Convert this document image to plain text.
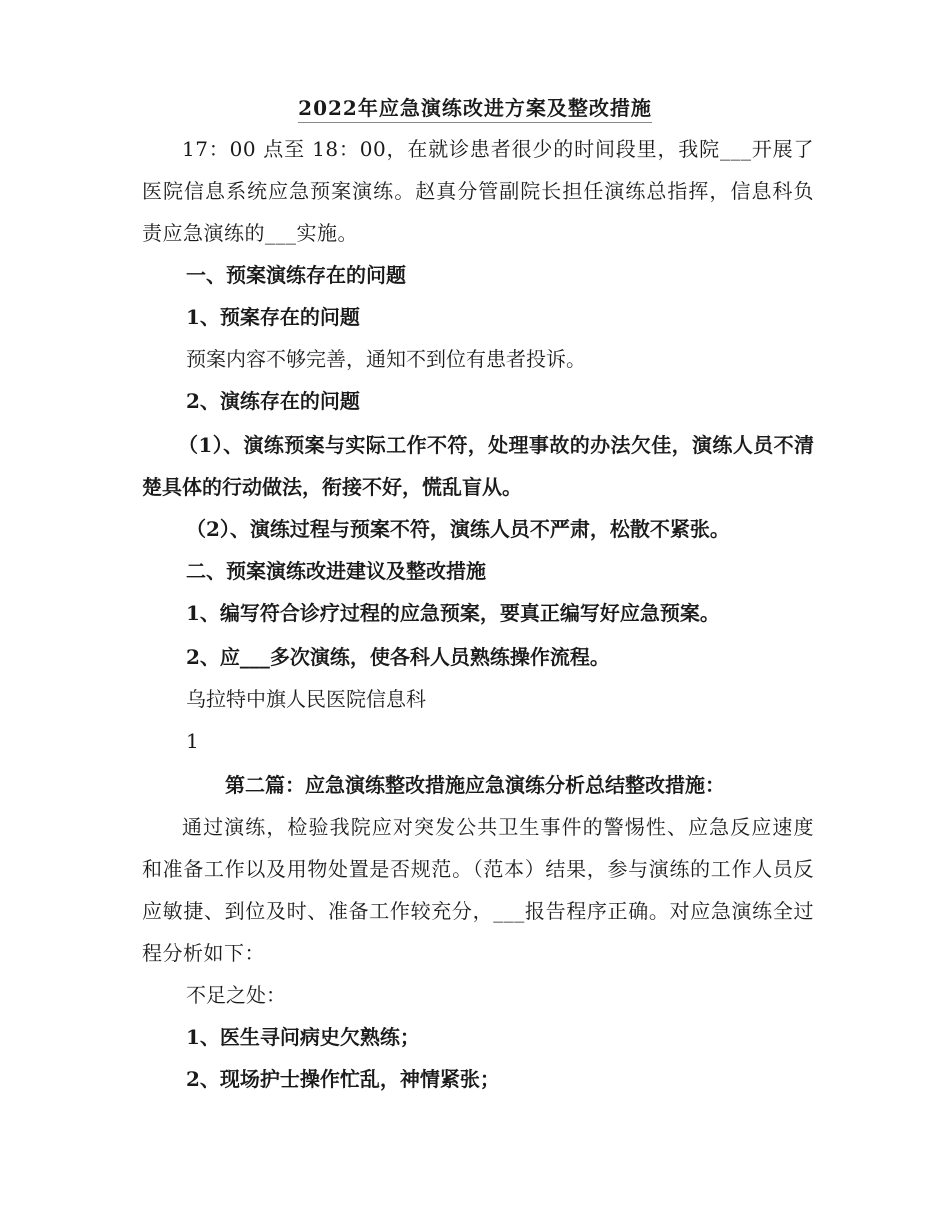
2022年应急演练改进方案及整改措施
17：00 点至 18：00，在就诊患者很少的时间段里，我院___开展了医院信息系统应急预案演练。赵真分管副院长担任演练总指挥，信息科负责应急演练的___实施。
一、预案演练存在的问题
1、预案存在的问题
预案内容不够完善，通知不到位有患者投诉。
2、演练存在的问题
（1）、演练预案与实际工作不符，处理事故的办法欠佳，演练人员不清楚具体的行动做法，衔接不好，慌乱盲从。
（2）、演练过程与预案不符，演练人员不严肃，松散不紧张。
二、预案演练改进建议及整改措施
1、编写符合诊疗过程的应急预案，要真正编写好应急预案。
2、应___多次演练，使各科人员熟练操作流程。
乌拉特中旗人民医院信息科
1
第二篇：应急演练整改措施应急演练分析总结整改措施：
通过演练，检验我院应对突发公共卫生事件的警惕性、应急反应速度和准备工作以及用物处置是否规范。（范本）结果，参与演练的工作人员反应敏捷、到位及时、准备工作较充分，___报告程序正确。对应急演练全过程分析如下：
不足之处：
1、医生寻问病史欠熟练；
2、现场护士操作忙乱，神情紧张；
